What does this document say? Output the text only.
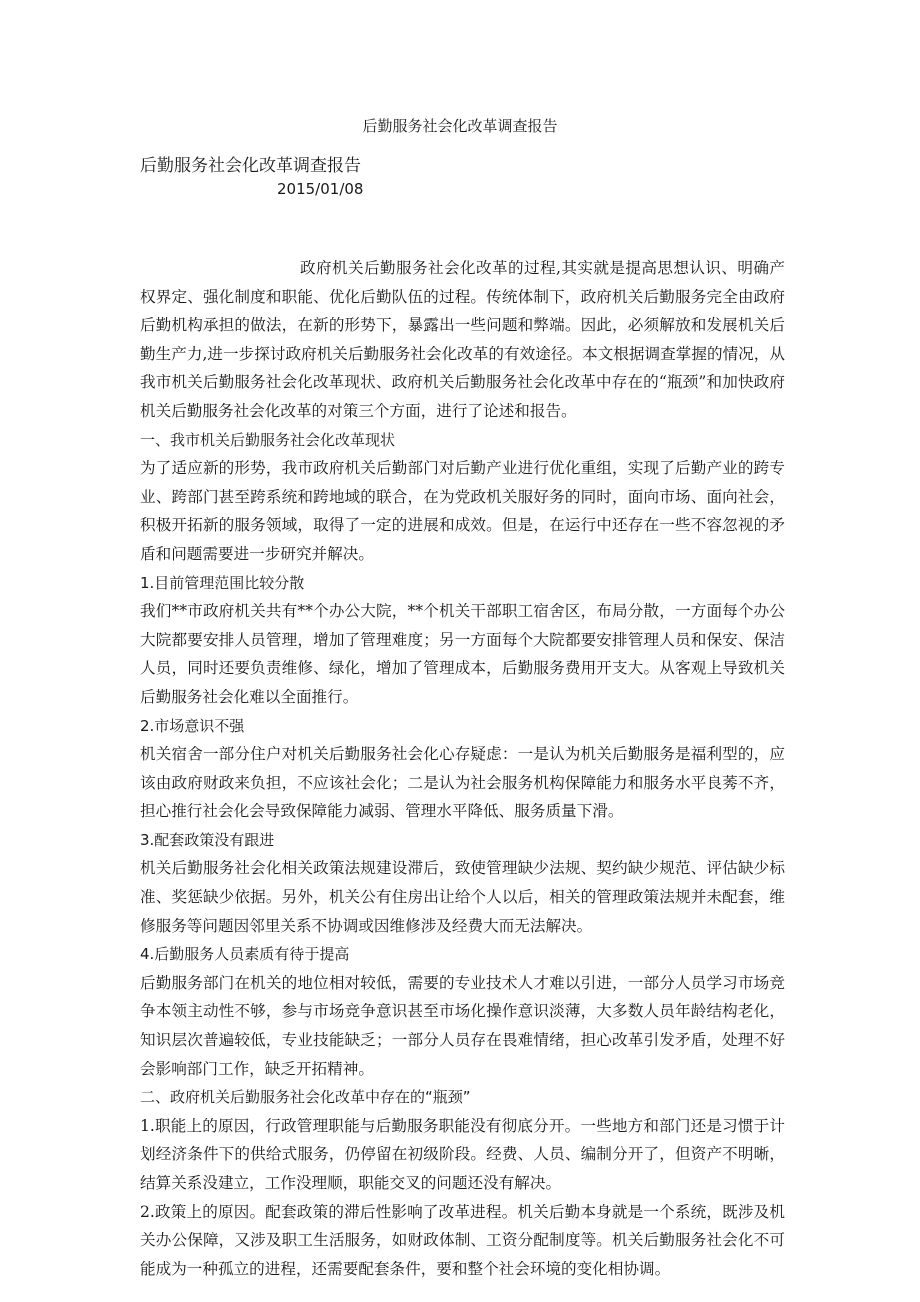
后勤服务社会化改革调查报告
后勤服务社会化改革调查报告
2015/01/08

政府机关后勤服务社会化改革的过程,其实就是提高思想认识、明确产权界定、强化制度和职能、优化后勤队伍的过程。传统体制下，政府机关后勤服务完全由政府后勤机构承担的做法，在新的形势下，暴露出一些问题和弊端。因此，必须解放和发展机关后勤生产力,进一步探讨政府机关后勤服务社会化改革的有效途径。本文根据调查掌握的情况，从我市机关后勤服务社会化改革现状、政府机关后勤服务社会化改革中存在的“瓶颈”和加快政府机关后勤服务社会化改革的对策三个方面，进行了论述和报告。

一、我市机关后勤服务社会化改革现状

为了适应新的形势，我市政府机关后勤部门对后勤产业进行优化重组，实现了后勤产业的跨专业、跨部门甚至跨系统和跨地域的联合，在为党政机关服好务的同时，面向市场、面向社会，积极开拓新的服务领域，取得了一定的进展和成效。但是，在运行中还存在一些不容忽视的矛盾和问题需要进一步研究并解决。

1.目前管理范围比较分散

我们**市政府机关共有**个办公大院，**个机关干部职工宿舍区，布局分散，一方面每个办公大院都要安排人员管理，增加了管理难度；另一方面每个大院都要安排管理人员和保安、保洁人员，同时还要负责维修、绿化，增加了管理成本，后勤服务费用开支大。从客观上导致机关后勤服务社会化难以全面推行。

2.市场意识不强

机关宿舍一部分住户对机关后勤服务社会化心存疑虑：一是认为机关后勤服务是福利型的，应该由政府财政来负担，不应该社会化；二是认为社会服务机构保障能力和服务水平良莠不齐，担心推行社会化会导致保障能力减弱、管理水平降低、服务质量下滑。

3.配套政策没有跟进

机关后勤服务社会化相关政策法规建设滞后，致使管理缺少法规、契约缺少规范、评估缺少标准、奖惩缺少依据。另外，机关公有住房出让给个人以后，相关的管理政策法规并未配套，维修服务等问题因邻里关系不协调或因维修涉及经费大而无法解决。

4.后勤服务人员素质有待于提高

后勤服务部门在机关的地位相对较低，需要的专业技术人才难以引进，一部分人员学习市场竞争本领主动性不够，参与市场竞争意识甚至市场化操作意识淡薄，大多数人员年龄结构老化，知识层次普遍较低，专业技能缺乏；一部分人员存在畏难情绪，担心改革引发矛盾，处理不好会影响部门工作，缺乏开拓精神。

二、政府机关后勤服务社会化改革中存在的“瓶颈”

1.职能上的原因，行政管理职能与后勤服务职能没有彻底分开。一些地方和部门还是习惯于计划经济条件下的供给式服务，仍停留在初级阶段。经费、人员、编制分开了，但资产不明晰，结算关系没建立，工作没理顺，职能交叉的问题还没有解决。

2.政策上的原因。配套政策的滞后性影响了改革进程。机关后勤本身就是一个系统，既涉及机关办公保障，又涉及职工生活服务，如财政体制、工资分配制度等。机关后勤服务社会化不可能成为一种孤立的进程，还需要配套条件，要和整个社会环境的变化相协调。
